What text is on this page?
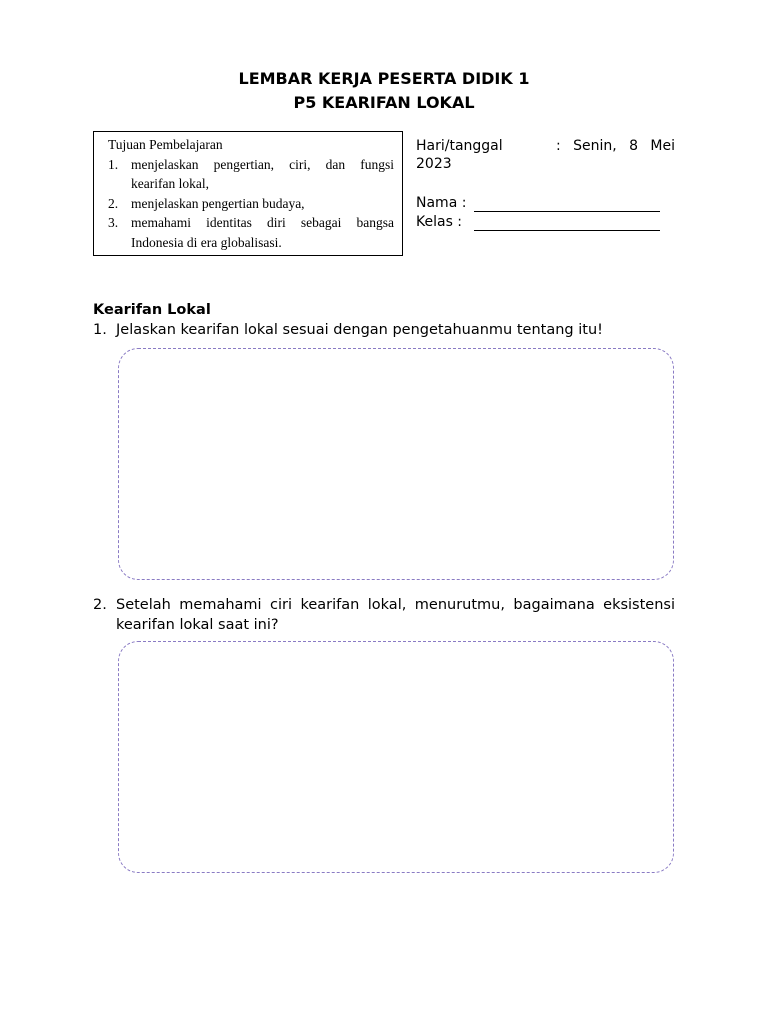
LEMBAR KERJA PESERTA DIDIK 1
P5 KEARIFAN LOKAL

Tujuan Pembelajaran

1. menjelaskan pengertian, ciri, dan fungsi kearifan lokal,
2. menjelaskan pengertian budaya,
3. memahami identitas diri sebagai bangsa Indonesia di era globalisasi.
Hari/tanggal	: Senin, 8 Mei
2023
Nama :
Kelas :
Kearifan Lokal
1. Jelaskan kearifan lokal sesuai dengan pengetahuanmu tentang itu!
2. Setelah memahami ciri kearifan lokal, menurutmu, bagaimana eksistensi kearifan lokal saat ini?
